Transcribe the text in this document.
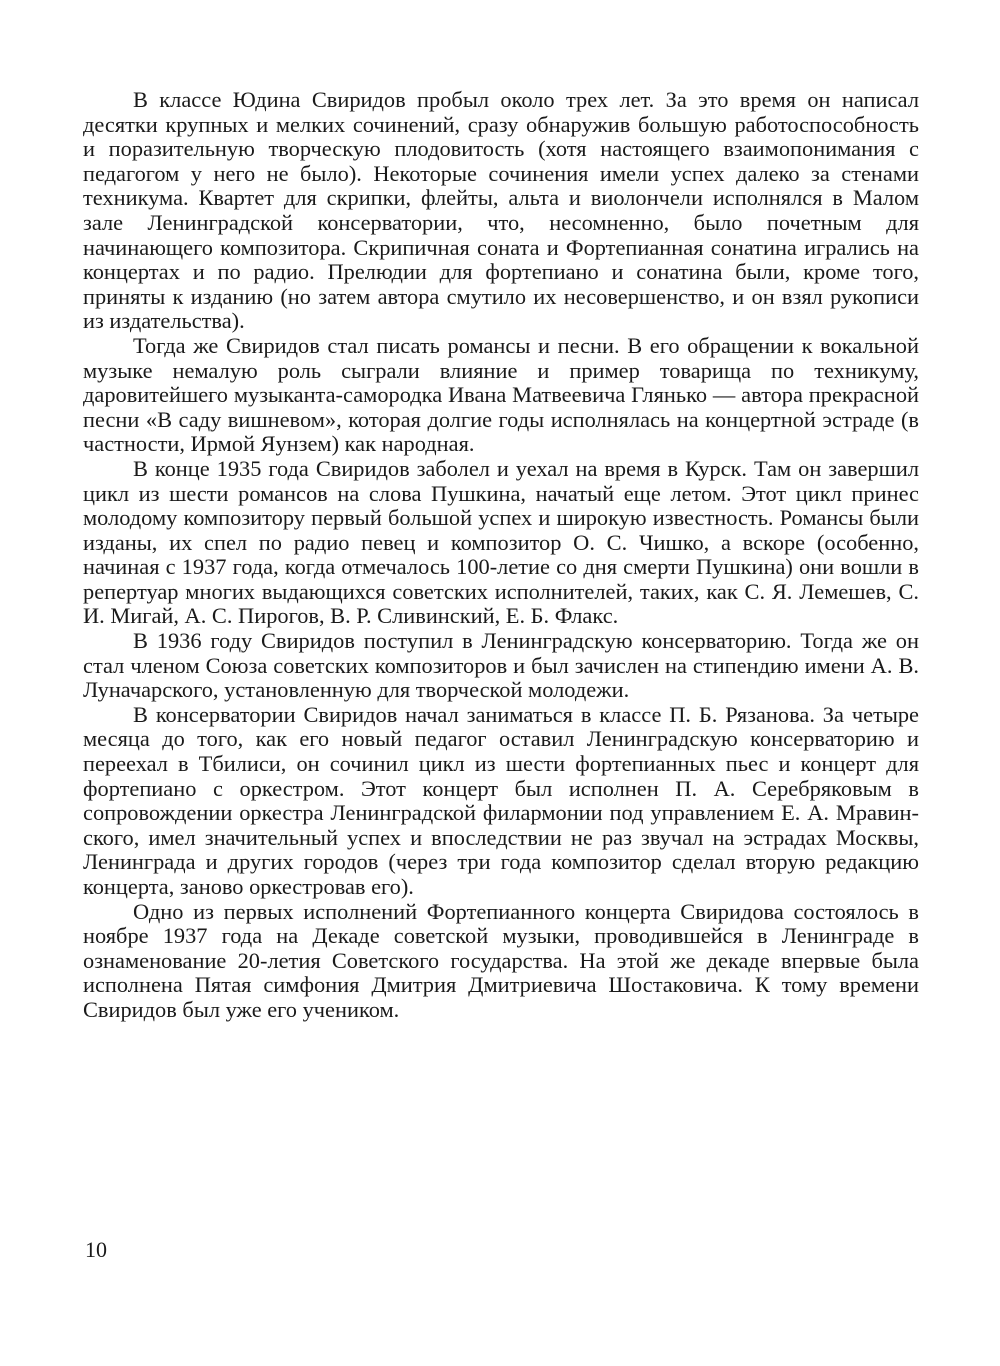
В классе Юдина Свиридов пробыл около трех лет. За это время он написал десятки крупных и мелких сочинений, сразу обнаружив большую работоспособность и поразительную творческую плодовитость (хотя настоящего взаимопонимания с педагогом у него не было). Некоторые сочинения имели успех далеко за стенами техникума. Квартет для скрипки, флейты, альта и виолончели исполнялся в Малом зале Ленинградской консерватории, что, несомненно, было почетным для начинающего композитора. Скрипичная соната и Фортепианная сонатина игрались на концертах и по радио. Прелюдии для фортепиано и сонатина были, кроме того, приняты к изданию (но затем автора смутило их несовершенство, и он взял рукописи из издательства).

Тогда же Свиридов стал писать романсы и песни. В его обращении к вокальной музыке немалую роль сыграли влияние и пример товарища по техникуму, даровитейшего музыканта-самородка Ивана Матвеевича Глянько — автора прекрасной песни «В саду вишневом», которая долгие годы исполнялась на концертной эстраде (в частности, Ирмой Яунзем) как народная.

В конце 1935 года Свиридов заболел и уехал на время в Курск. Там он завершил цикл из шести романсов на слова Пушкина, начатый еще летом. Этот цикл принес молодому композитору первый большой успех и широкую известность. Романсы были изданы, их спел по радио певец и композитор О. С. Чишко, а вскоре (особенно, начиная с 1937 года, когда отмечалось 100-летие со дня смерти Пушкина) они вошли в репертуар многих выдающихся советских исполнителей, таких, как С. Я. Лемешев, С. И. Мигай, А. С. Пирогов, В. Р. Сливинский, Е. Б. Флакс.

В 1936 году Свиридов поступил в Ленинградскую консерваторию. Тогда же он стал членом Союза советских композиторов и был зачислен на стипендию имени А. В. Луначарского, установленную для творческой молодежи.

В консерватории Свиридов начал заниматься в классе П. Б. Рязанова. За четыре месяца до того, как его новый педагог оставил Ленинградскую консерваторию и переехал в Тбилиси, он сочинил цикл из шести фортепианных пьес и концерт для фортепиано с оркестром. Этот концерт был исполнен П. А. Серебряковым в сопровождении оркестра Ленинградской филармонии под управлением Е. А. Мравинского, имел значительный успех и впоследствии не раз звучал на эстрадах Москвы, Ленинграда и других городов (через три года композитор сделал вторую редакцию концерта, заново оркестровав его).

Одно из первых исполнений Фортепианного концерта Свиридова состоялось в ноябре 1937 года на Декаде советской музыки, проводившейся в Ленинграде в ознаменование 20-летия Советского государства. На этой же декаде впервые была исполнена Пятая симфония Дмитрия Дмитриевича Шостаковича. К тому времени Свиридов был уже его учеником.

10
